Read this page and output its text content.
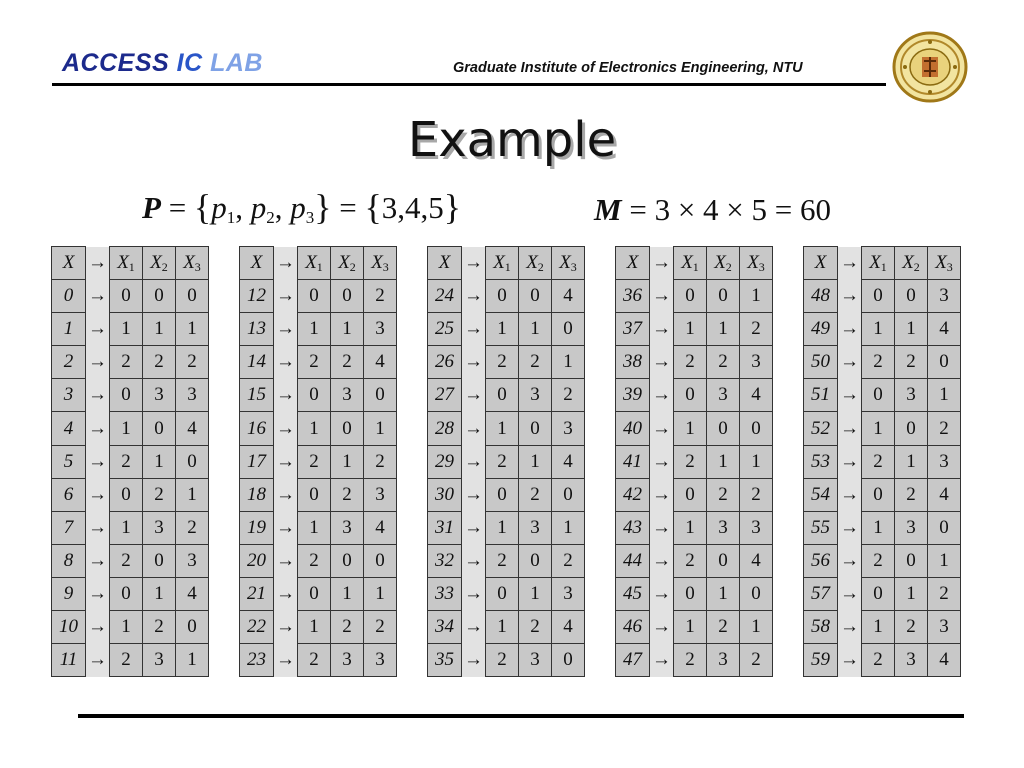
ACCESS IC LAB	Graduate Institute of Electronics Engineering, NTU
Example
$P = \{p_1$, $p_2$, $p_3\} = \{3,4,5\}$	M = 3 × 4 × 5 = 60
X	→	$X_1$	$X_2$	$X_3$
0	→	0	0	0
1	→	1	1	1
2	→	2	2	2
3	→	0	3	3
4	→	1	0	4
5	→	2	1	0
6	→	0	2	1
7	→	1	3	2
8	→	2	0	3
9	→	0	1	4
10	→	1	2	0
11	→	2	3	1
X	→	$X_1$	$X_2$	$X_3$
12	→	0	0	2
13	→	1	1	3
14	→	2	2	4
15	→	0	3	0
16	→	1	0	1
17	→	2	1	2
18	→	0	2	3
19	→	1	3	4
20	→	2	0	0
21	→	0	1	1
22	→	1	2	2
23	→	2	3	3
X	→	$X_1$	$X_2$	$X_3$
24	→	0	0	4
25	→	1	1	0
26	→	2	2	1
27	→	0	3	2
28	→	1	0	3
29	→	2	1	4
30	→	0	2	0
31	→	1	3	1
32	→	2	0	2
33	→	0	1	3
34	→	1	2	4
35	→	2	3	0
X	→	$X_1$	$X_2$	$X_3$
36	→	0	0	1
37	→	1	1	2
38	→	2	2	3
39	→	0	3	4
40	→	1	0	0
41	→	2	1	1
42	→	0	2	2
43	→	1	3	3
44	→	2	0	4
45	→	0	1	0
46	→	1	2	1
47	→	2	3	2
X	→	$X_1$	$X_2$	$X_3$
48	→	0	0	3
49	→	1	1	4
50	→	2	2	0
51	→	0	3	1
52	→	1	0	2
53	→	2	1	3
54	→	0	2	4
55	→	1	3	0
56	→	2	0	1
57	→	0	1	2
58	→	1	2	3
59	→	2	3	4
